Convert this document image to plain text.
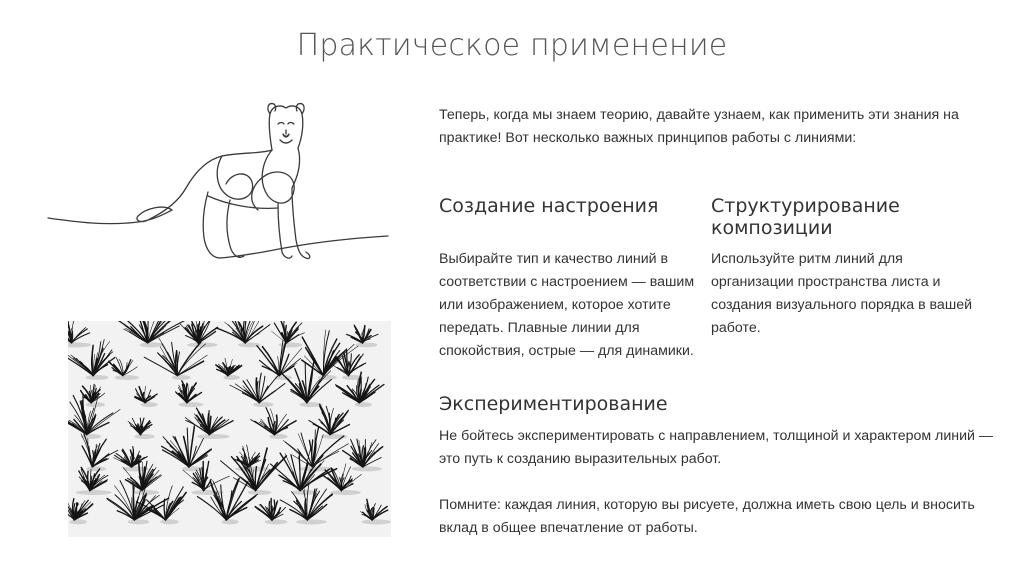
Практическое применение
Теперь, когда мы знаем теорию, давайте узнаем, как применить эти знания на практике! Вот несколько важных принципов работы с линиями:
Создание настроения
Выбирайте тип и качество линий в соответствии с настроением — вашим или изображением, которое хотите передать. Плавные линии для спокойствия, острые — для динамики.
Структурирование композиции
Используйте ритм линий для организации пространства листа и создания визуального порядка в вашей работе.
Экспериментирование
Не бойтесь экспериментировать с направлением, толщиной и характером линий — это путь к созданию выразительных работ.
Помните: каждая линия, которую вы рисуете, должна иметь свою цель и вносить вклад в общее впечатление от работы.
